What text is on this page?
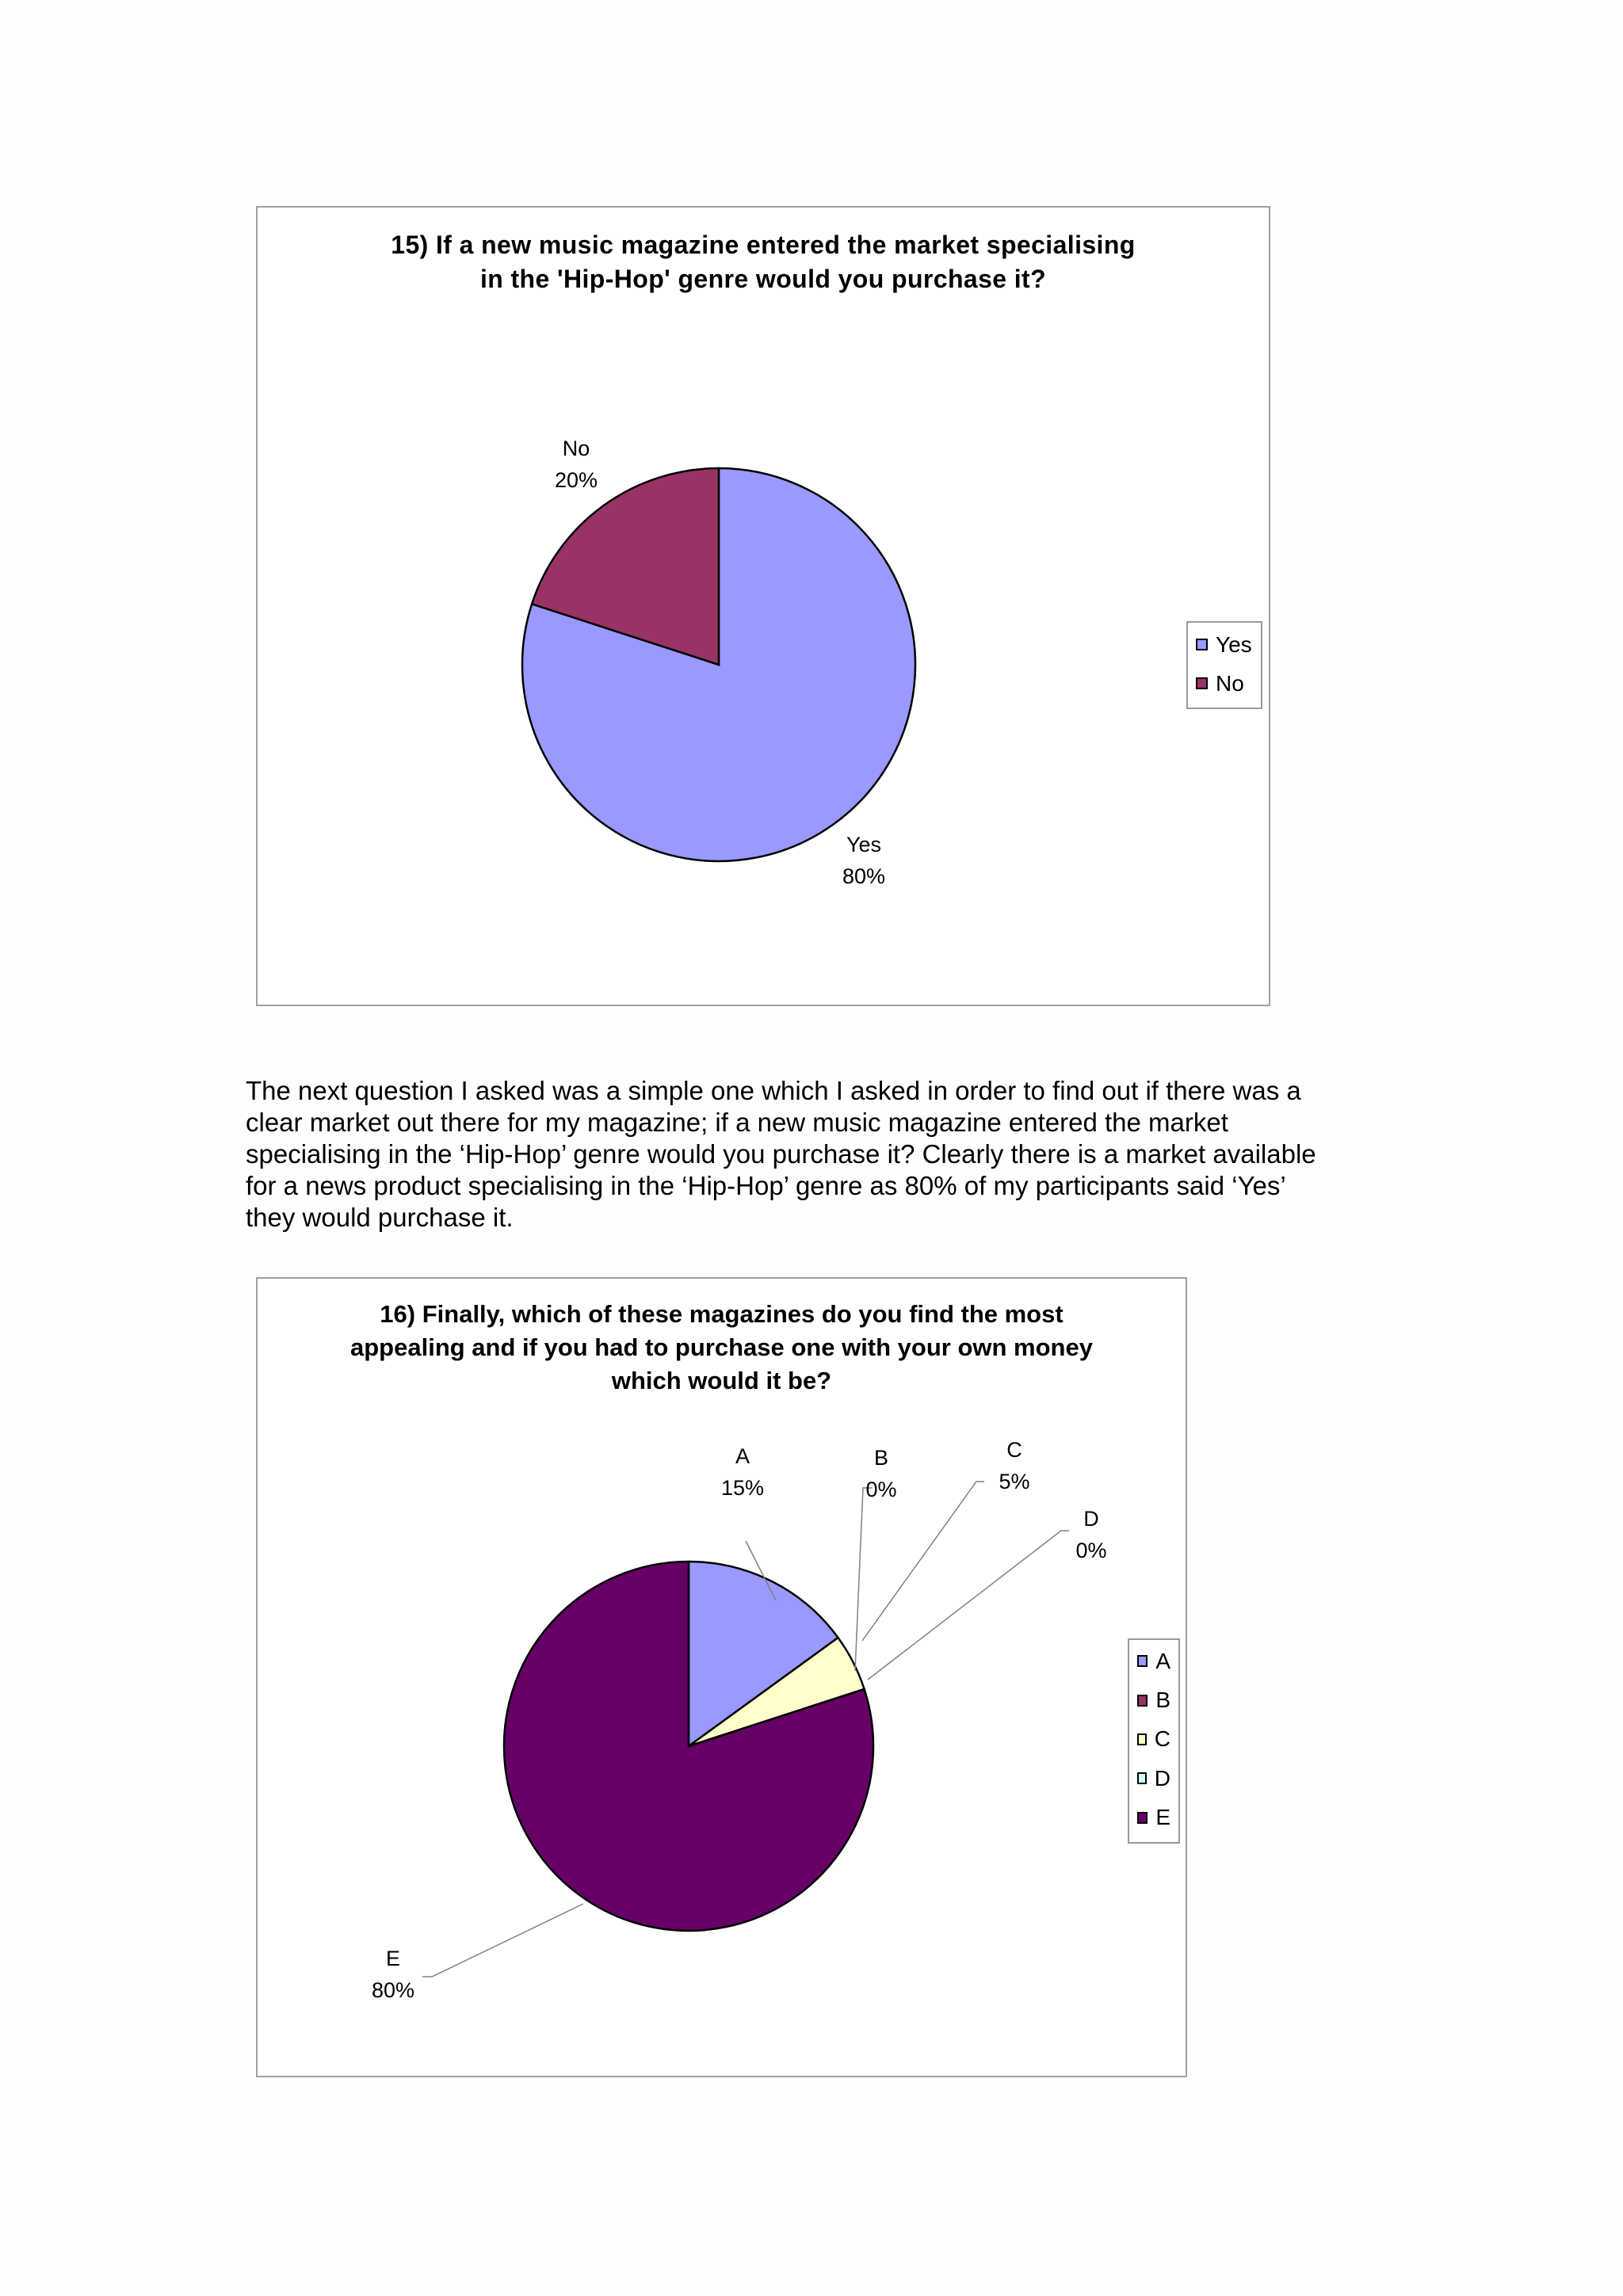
15) If a new music magazine entered the market specialising
in the 'Hip-Hop' genre would you purchase it?
Yes
80%
No
20%
Yes
No
The next question I asked was a simple one which I asked in order to find out if there was a
clear market out there for my magazine; if a new music magazine entered the market
specialising in the ‘Hip-Hop’ genre would you purchase it? Clearly there is a market available
for a news product specialising in the ‘Hip-Hop’ genre as 80% of my participants said ‘Yes’
they would purchase it.
16) Finally, which of these magazines do you find the most
appealing and if you had to purchase one with your own money
which would it be?
A
15%
B
0%
C
5%
D
0%
E
80%
A
B
C
D
E
